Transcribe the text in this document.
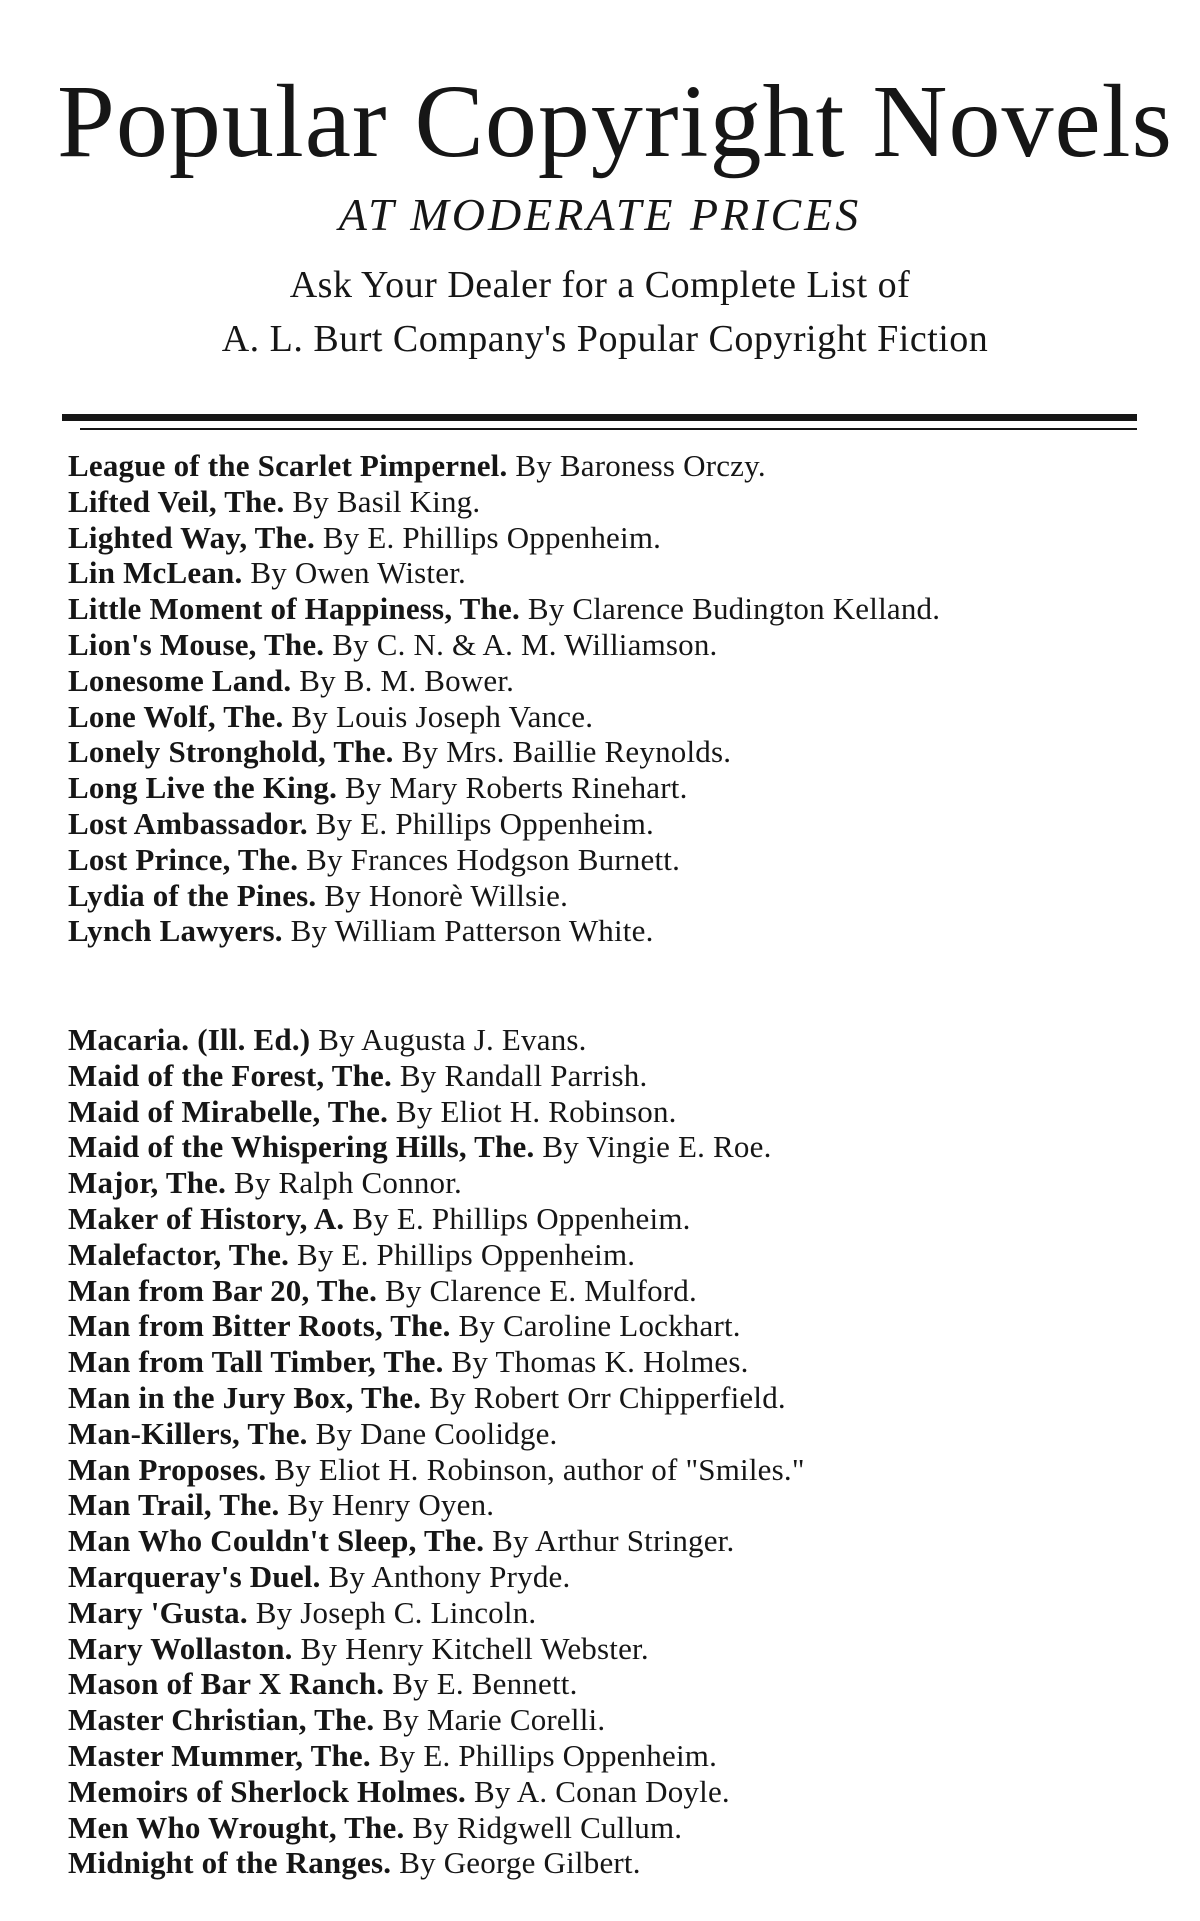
Popular Copyright Novels
AT MODERATE PRICES
Ask Your Dealer for a Complete List of
A. L. Burt Company's Popular Copyright Fiction
League of the Scarlet Pimpernel. By Baroness Orczy.
Lifted Veil, The. By Basil King.
Lighted Way, The. By E. Phillips Oppenheim.
Lin McLean. By Owen Wister.
Little Moment of Happiness, The. By Clarence Budington Kelland.
Lion's Mouse, The. By C. N. & A. M. Williamson.
Lonesome Land. By B. M. Bower.
Lone Wolf, The. By Louis Joseph Vance.
Lonely Stronghold, The. By Mrs. Baillie Reynolds.
Long Live the King. By Mary Roberts Rinehart.
Lost Ambassador. By E. Phillips Oppenheim.
Lost Prince, The. By Frances Hodgson Burnett.
Lydia of the Pines. By Honorè Willsie.
Lynch Lawyers. By William Patterson White.
Macaria. (Ill. Ed.) By Augusta J. Evans.
Maid of the Forest, The. By Randall Parrish.
Maid of Mirabelle, The. By Eliot H. Robinson.
Maid of the Whispering Hills, The. By Vingie E. Roe.
Major, The. By Ralph Connor.
Maker of History, A. By E. Phillips Oppenheim.
Malefactor, The. By E. Phillips Oppenheim.
Man from Bar 20, The. By Clarence E. Mulford.
Man from Bitter Roots, The. By Caroline Lockhart.
Man from Tall Timber, The. By Thomas K. Holmes.
Man in the Jury Box, The. By Robert Orr Chipperfield.
Man-Killers, The. By Dane Coolidge.
Man Proposes. By Eliot H. Robinson, author of "Smiles."
Man Trail, The. By Henry Oyen.
Man Who Couldn't Sleep, The. By Arthur Stringer.
Marqueray's Duel. By Anthony Pryde.
Mary 'Gusta. By Joseph C. Lincoln.
Mary Wollaston. By Henry Kitchell Webster.
Mason of Bar X Ranch. By E. Bennett.
Master Christian, The. By Marie Corelli.
Master Mummer, The. By E. Phillips Oppenheim.
Memoirs of Sherlock Holmes. By A. Conan Doyle.
Men Who Wrought, The. By Ridgwell Cullum.
Midnight of the Ranges. By George Gilbert.
